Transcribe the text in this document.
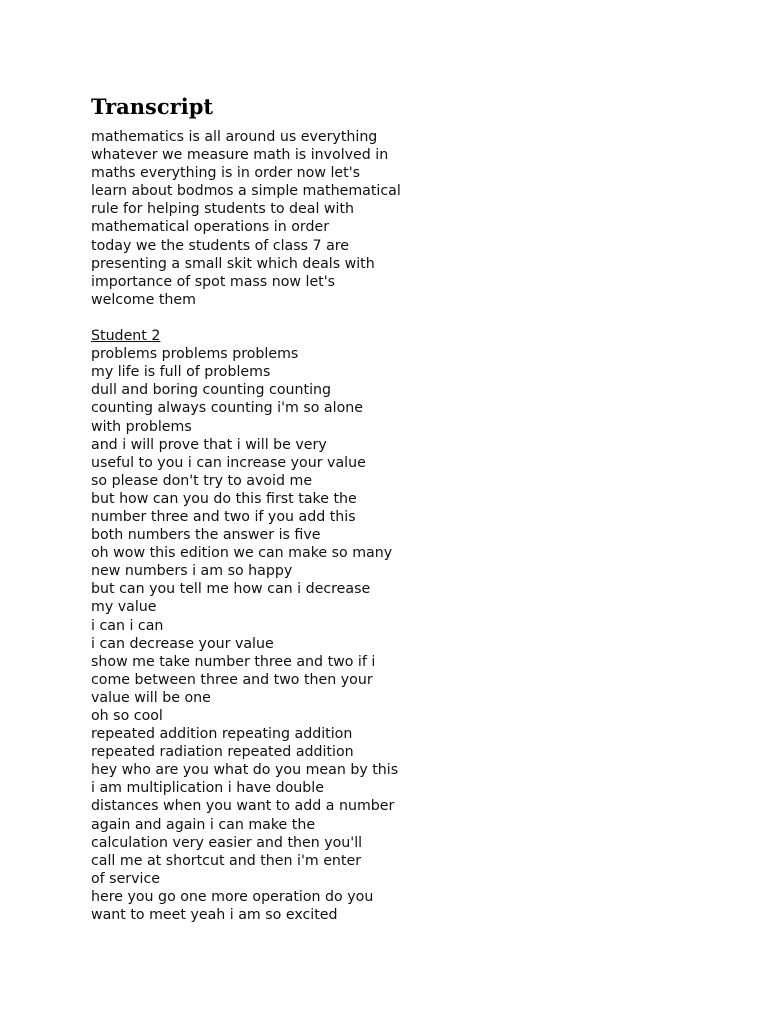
Transcript
mathematics is all around us everything
whatever we measure math is involved in
maths everything is in order now let's
learn about bodmos a simple mathematical
rule for helping students to deal with
mathematical operations in order
today we the students of class 7 are
presenting a small skit which deals with
importance of spot mass now let's
welcome them
Student 2
problems problems problems
my life is full of problems
dull and boring counting counting
counting always counting i'm so alone
with problems
and i will prove that i will be very
useful to you i can increase your value
so please don't try to avoid me
but how can you do this first take the
number three and two if you add this
both numbers the answer is five
oh wow this edition we can make so many
new numbers i am so happy
but can you tell me how can i decrease
my value
i can i can
i can decrease your value
show me take number three and two if i
come between three and two then your
value will be one
oh so cool
repeated addition repeating addition
repeated radiation repeated addition
hey who are you what do you mean by this
i am multiplication i have double
distances when you want to add a number
again and again i can make the
calculation very easier and then you'll
call me at shortcut and then i'm enter
of service
here you go one more operation do you
want to meet yeah i am so excited
